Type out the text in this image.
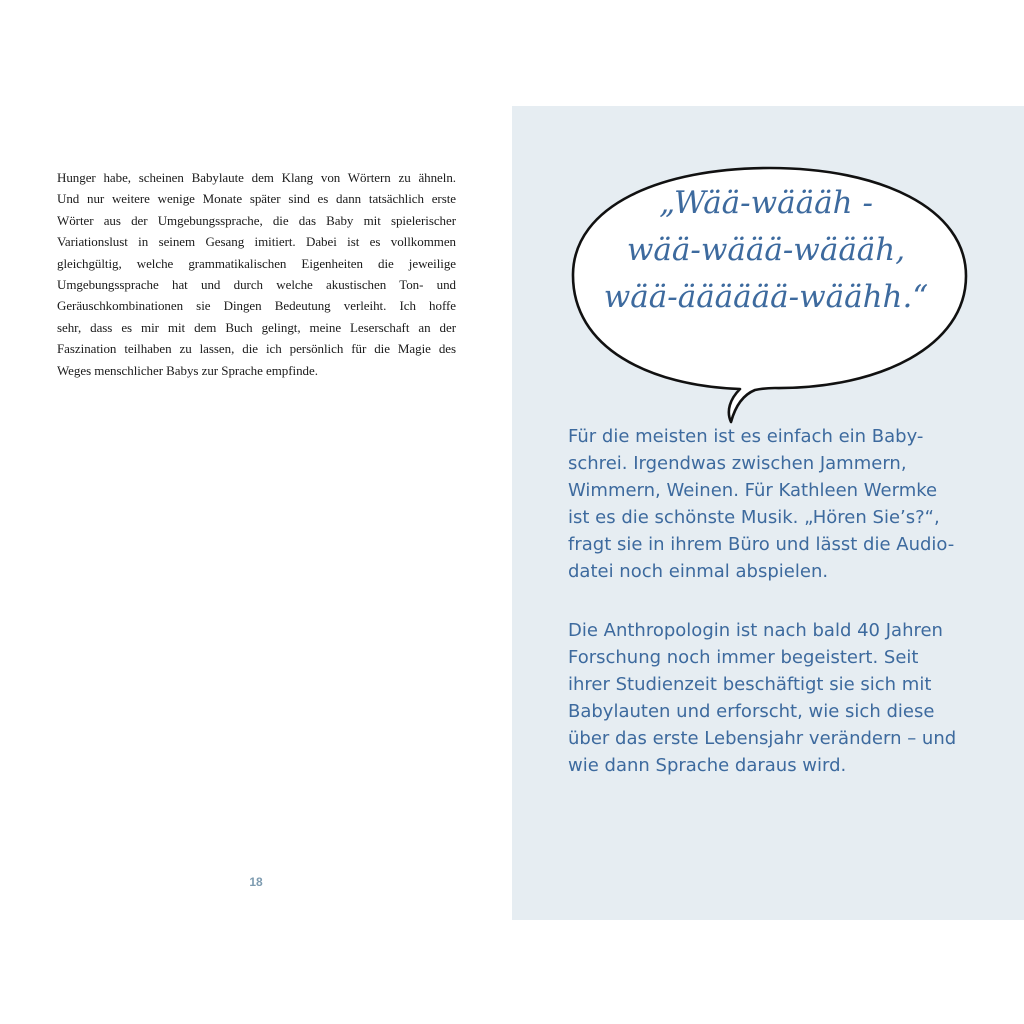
Hunger habe, scheinen Babylaute dem Klang von Wörtern zu ähneln.
Und nur weitere wenige Monate später sind es dann tatsächlich erste
Wörter aus der Umgebungssprache, die das Baby mit spielerischer
Variationslust in seinem Gesang imitiert. Dabei ist es vollkommen
gleichgültig, welche grammatikalischen Eigenheiten die jeweilige
Umgebungssprache hat und durch welche akustischen Ton- und
Geräuschkombinationen sie Dingen Bedeutung verleiht. Ich hoffe
sehr, dass es mir mit dem Buch gelingt, meine Leserschaft an der
Faszination teilhaben zu lassen, die ich persönlich für die Magie des
Weges menschlicher Babys zur Sprache empfinde.
18
„Wää-wäääh -
wää-wäää-wäääh,
wää-ääääää-wäähh.“
Für die meisten ist es einfach ein Baby-
schrei. Irgendwas zwischen Jammern,
Wimmern, Weinen. Für Kathleen Wermke
ist es die schönste Musik. „Hören Sie’s?“,
fragt sie in ihrem Büro und lässt die Audio-
datei noch einmal abspielen.
Die Anthropologin ist nach bald 40 Jahren
Forschung noch immer begeistert. Seit
ihrer Studienzeit beschäftigt sie sich mit
Babylauten und erforscht, wie sich diese
über das erste Lebensjahr verändern – und
wie dann Sprache daraus wird.
